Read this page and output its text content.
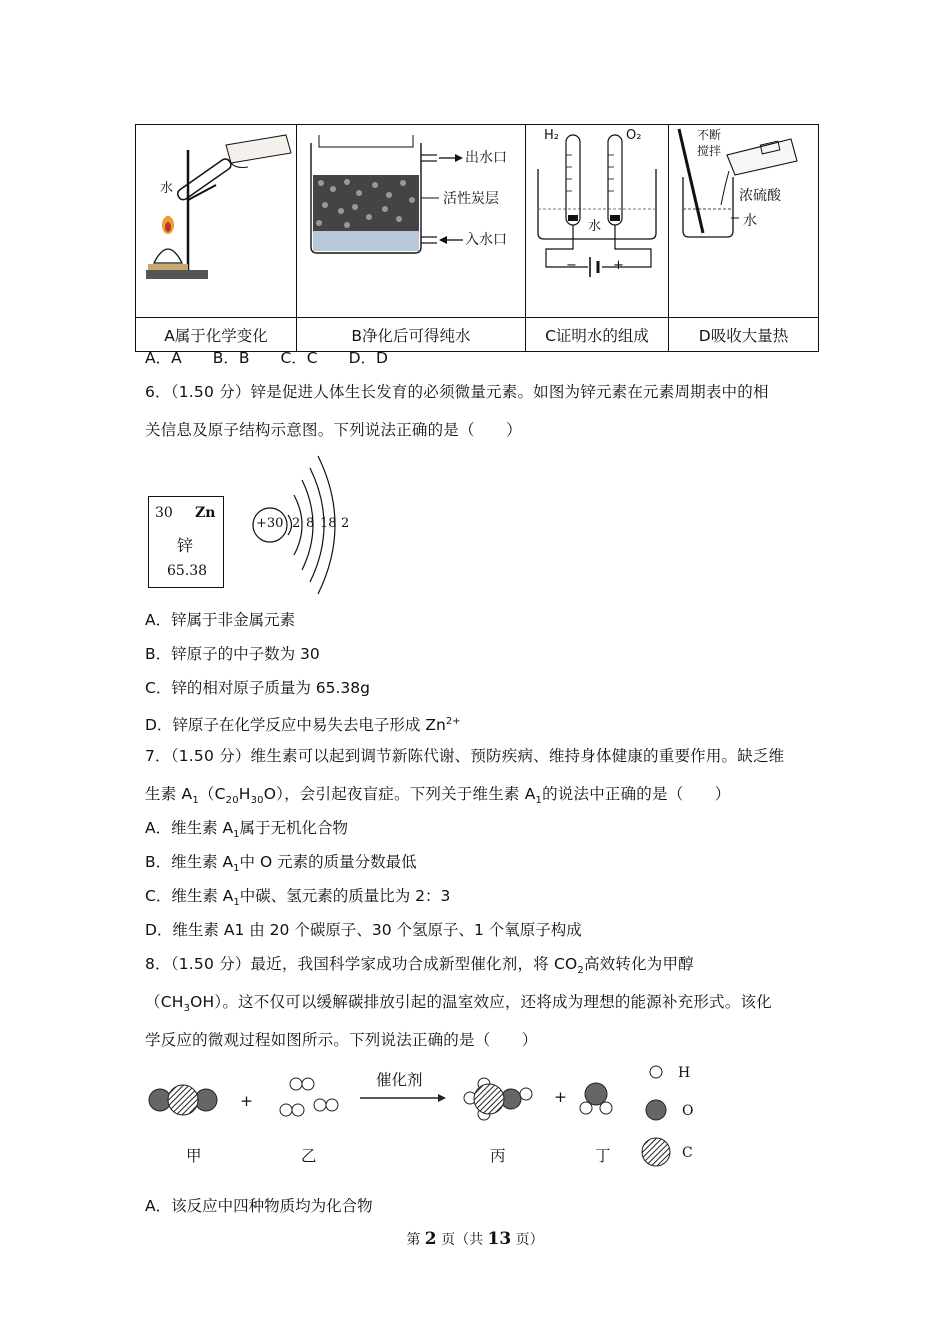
水	出水口
活性炭层
入水口	H₂ O₂
水
− +	不断
搅拌
浓硫酸
水

A属于化学变化	B净化后可得纯水	C证明水的组成	D吸收大量热
A．A　　B．B　　C．C　　D．D
6．（1.50 分）锌是促进人体生长发育的必须微量元素。如图为锌元素在元素周期表中的相
关信息及原子结构示意图。下列说法正确的是（　　）
30 Zn
锌
65.38
+30 2 8 18 2
A．锌属于非金属元素
B．锌原子的中子数为 30
C．锌的相对原子质量为 65.38g
D．锌原子在化学反应中易失去电子形成 $Zn^{2+}$
7．（1.50 分）维生素可以起到调节新陈代谢、预防疾病、维持身体健康的重要作用。缺乏维
生素 $A_1(C_{20}H_{30}O)$，会引起夜盲症。下列关于维生素 $A_1$的说法中正确的是（　　）
A．维生素 $A_1$属于无机化合物
B．维生素 $A_1$中 O 元素的质量分数最低
C．维生素 $A_1$中碳、氢元素的质量比为 2：3
D．维生素 A1 由 20 个碳原子、30 个氢原子、1 个氧原子构成
8．（1.50 分）最近，我国科学家成功合成新型催化剂，将 $CO_2$高效转化为甲醇
$(CH_3OH)$。这不仅可以缓解碳排放引起的温室效应，还将成为理想的能源补充形式。该化
学反应的微观过程如图所示。下列说法正确的是（　　）
+	+
催化剂
甲	乙	丙	丁
H
O
C
A．该反应中四种物质均为化合物
第 2 页（共 13 页）
